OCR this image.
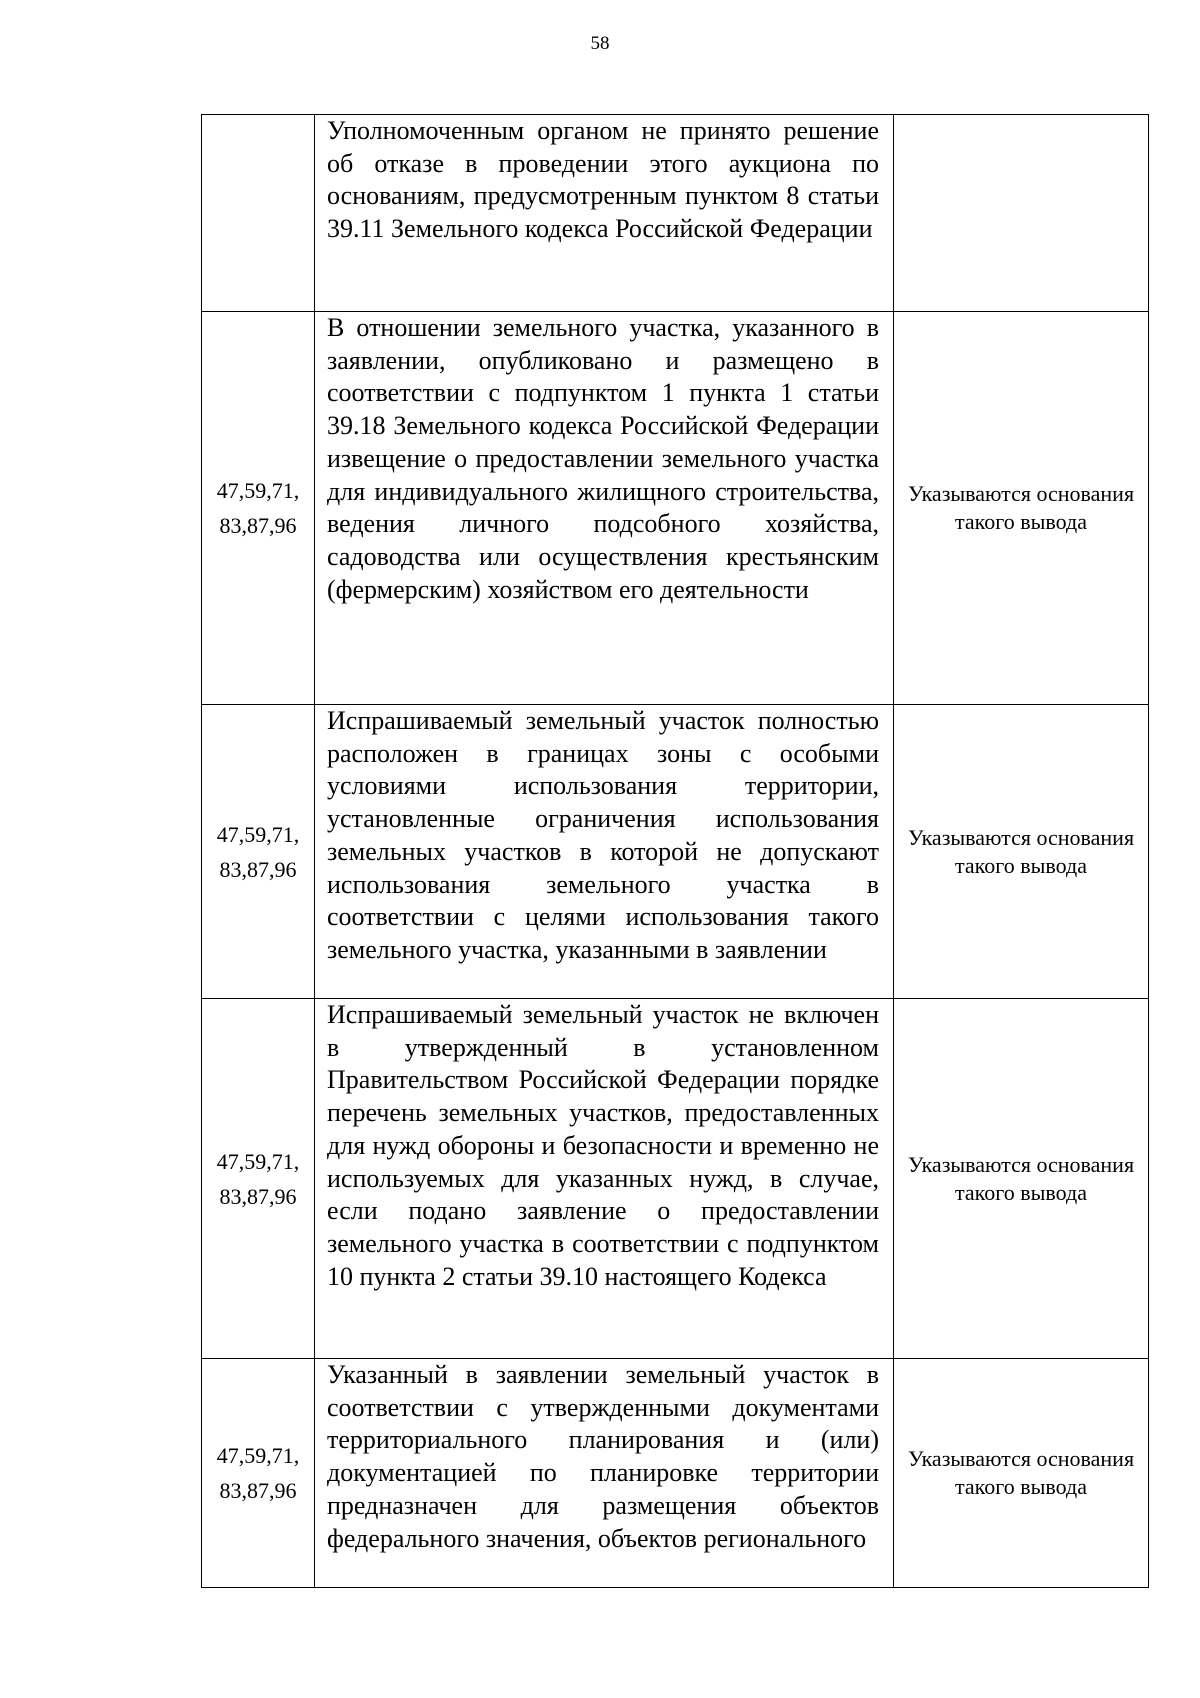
58
	Уполномоченным органом не принято решение об отказе в проведении этого аукциона по основаниям, предусмотренным пунктом 8 статьи 39.11 Земельного кодекса Российской Федерации	
47,59,71, 83,87,96	В отношении земельного участка, указанного в заявлении, опубликовано и размещено в соответствии с подпунктом 1 пункта 1 статьи 39.18 Земельного кодекса Российской Федерации извещение о предоставлении земельного участка для индивидуального жилищного строительства, ведения личного подсобного хозяйства, садоводства или осуществления крестьянским (фермерским) хозяйством его деятельности	Указываются основания такого вывода
47,59,71, 83,87,96	Испрашиваемый земельный участок полностью расположен в границах зоны с особыми условиями использования территории, установленные ограничения использования земельных участков в которой не допускают использования земельного участка в соответствии с целями использования такого земельного участка, указанными в заявлении	Указываются основания такого вывода
47,59,71, 83,87,96	Испрашиваемый земельный участок не включен в утвержденный в установленном Правительством Российской Федерации порядке перечень земельных участков, предоставленных для нужд обороны и безопасности и временно не используемых для указанных нужд, в случае, если подано заявление о предоставлении земельного участка в соответствии с подпунктом 10 пункта 2 статьи 39.10 настоящего Кодекса	Указываются основания такого вывода
47,59,71, 83,87,96	Указанный в заявлении земельный участок в соответствии с утвержденными документами территориального планирования и (или) документацией по планировке территории предназначен для размещения объектов федерального значения, объектов регионального	Указываются основания такого вывода
